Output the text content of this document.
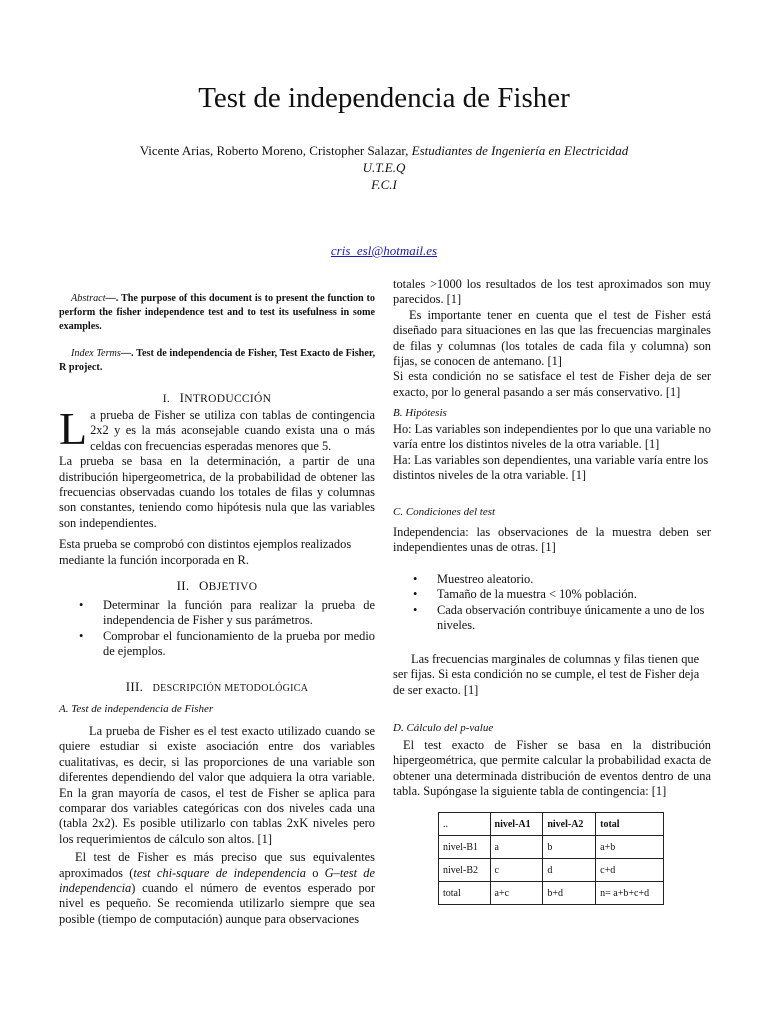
Test de independencia de Fisher
Vicente Arias, Roberto Moreno, Cristopher Salazar, Estudiantes de Ingeniería en Electricidad
U.T.E.Q
F.C.I
cris_esl@hotmail.es

Abstract—. The purpose of this document is to present the function to perform the fisher independence test and to test its usefulness in some examples.

Index Terms—. Test de independencia de Fisher, Test Exacto de Fisher, R project.

I. INTRODUCCIÓN

La prueba de Fisher se utiliza con tablas de contingencia 2x2 y es la más aconsejable cuando exista una o más celdas con frecuencias esperadas menores que 5.

La prueba se basa en la determinación, a partir de una distribución hipergeometrica, de la probabilidad de obtener las frecuencias observadas cuando los totales de filas y columnas son constantes, teniendo como hipótesis nula que las variables son independientes.

Esta prueba se comprobó con distintos ejemplos realizados mediante la función incorporada en R.

II. OBJETIVO
• Determinar la función para realizar la prueba de independencia de Fisher y sus parámetros.
• Comprobar el funcionamiento de la prueba por medio de ejemplos.
III. DESCRIPCIÓN METODOLÓGICA
A. Test de independencia de Fisher

La prueba de Fisher es el test exacto utilizado cuando se quiere estudiar si existe asociación entre dos variables cualitativas, es decir, si las proporciones de una variable son diferentes dependiendo del valor que adquiera la otra variable. En la gran mayoría de casos, el test de Fisher se aplica para comparar dos variables categóricas con dos niveles cada una (tabla 2x2). Es posible utilizarlo con tablas 2xK niveles pero los requerimientos de cálculo son altos. [1]

El test de Fisher es más preciso que sus equivalentes aproximados (test chi-square de independencia o G–test de independencia) cuando el número de eventos esperado por nivel es pequeño. Se recomienda utilizarlo siempre que sea posible (tiempo de computación) aunque para observaciones

totales >1000 los resultados de los test aproximados son muy parecidos. [1]

Es importante tener en cuenta que el test de Fisher está diseñado para situaciones en las que las frecuencias marginales de filas y columnas (los totales de cada fila y columna) son fijas, se conocen de antemano. [1]

Si esta condición no se satisface el test de Fisher deja de ser exacto, por lo general pasando a ser más conservativo. [1]

B. Hipótesis

Ho: Las variables son independientes por lo que una variable no varía entre los distintos niveles de la otra variable. [1]

Ha: Las variables son dependientes, una variable varía entre los distintos niveles de la otra variable. [1]

C. Condiciones del test

Independencia: las observaciones de la muestra deben ser independientes unas de otras. [1]

• Muestreo aleatorio.
• Tamaño de la muestra < 10% población.
• Cada observación contribuye únicamente a uno de los niveles.

Las frecuencias marginales de columnas y filas tienen que ser fijas. Si esta condición no se cumple, el test de Fisher deja de ser exacto. [1]

D. Cálculo del p-value

El test exacto de Fisher se basa en la distribución hipergeométrica, que permite calcular la probabilidad exacta de obtener una determinada distribución de eventos dentro de una tabla. Supóngase la siguiente tabla de contingencia: [1]

..	nivel-A1	nivel-A2	total
nivel-B1	a	b	a+b
nivel-B2	c	d	c+d
total	a+c	b+d	n= a+b+c+d
